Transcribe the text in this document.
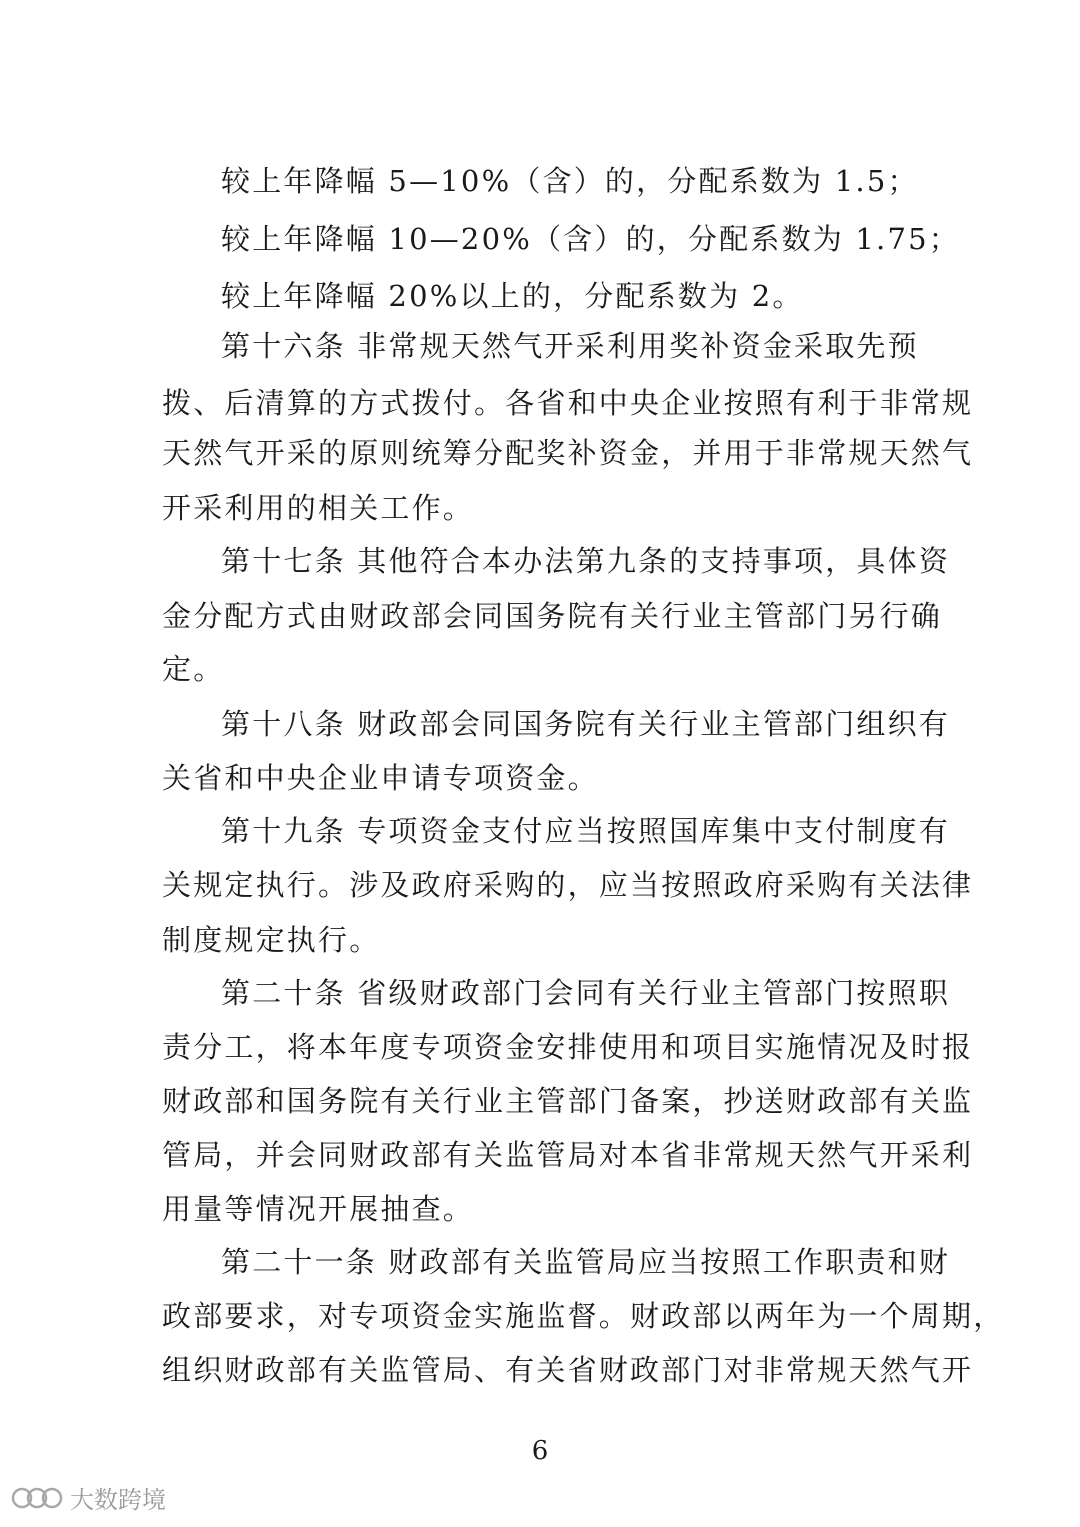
较上年降幅 5—10%（含）的，分配系数为 1.5；
较上年降幅 10—20%（含）的，分配系数为 1.75；
较上年降幅 20%以上的，分配系数为 2。
第十六条 非常规天然气开采利用奖补资金采取先预
拨、后清算的方式拨付。各省和中央企业按照有利于非常规
天然气开采的原则统筹分配奖补资金，并用于非常规天然气
开采利用的相关工作。
第十七条 其他符合本办法第九条的支持事项，具体资
金分配方式由财政部会同国务院有关行业主管部门另行确
定。
第十八条 财政部会同国务院有关行业主管部门组织有
关省和中央企业申请专项资金。
第十九条 专项资金支付应当按照国库集中支付制度有
关规定执行。涉及政府采购的，应当按照政府采购有关法律
制度规定执行。
第二十条 省级财政部门会同有关行业主管部门按照职
责分工，将本年度专项资金安排使用和项目实施情况及时报
财政部和国务院有关行业主管部门备案，抄送财政部有关监
管局，并会同财政部有关监管局对本省非常规天然气开采利
用量等情况开展抽查。
第二十一条 财政部有关监管局应当按照工作职责和财
政部要求，对专项资金实施监督。财政部以两年为一个周期，
组织财政部有关监管局、有关省财政部门对非常规天然气开
6
大数跨境
